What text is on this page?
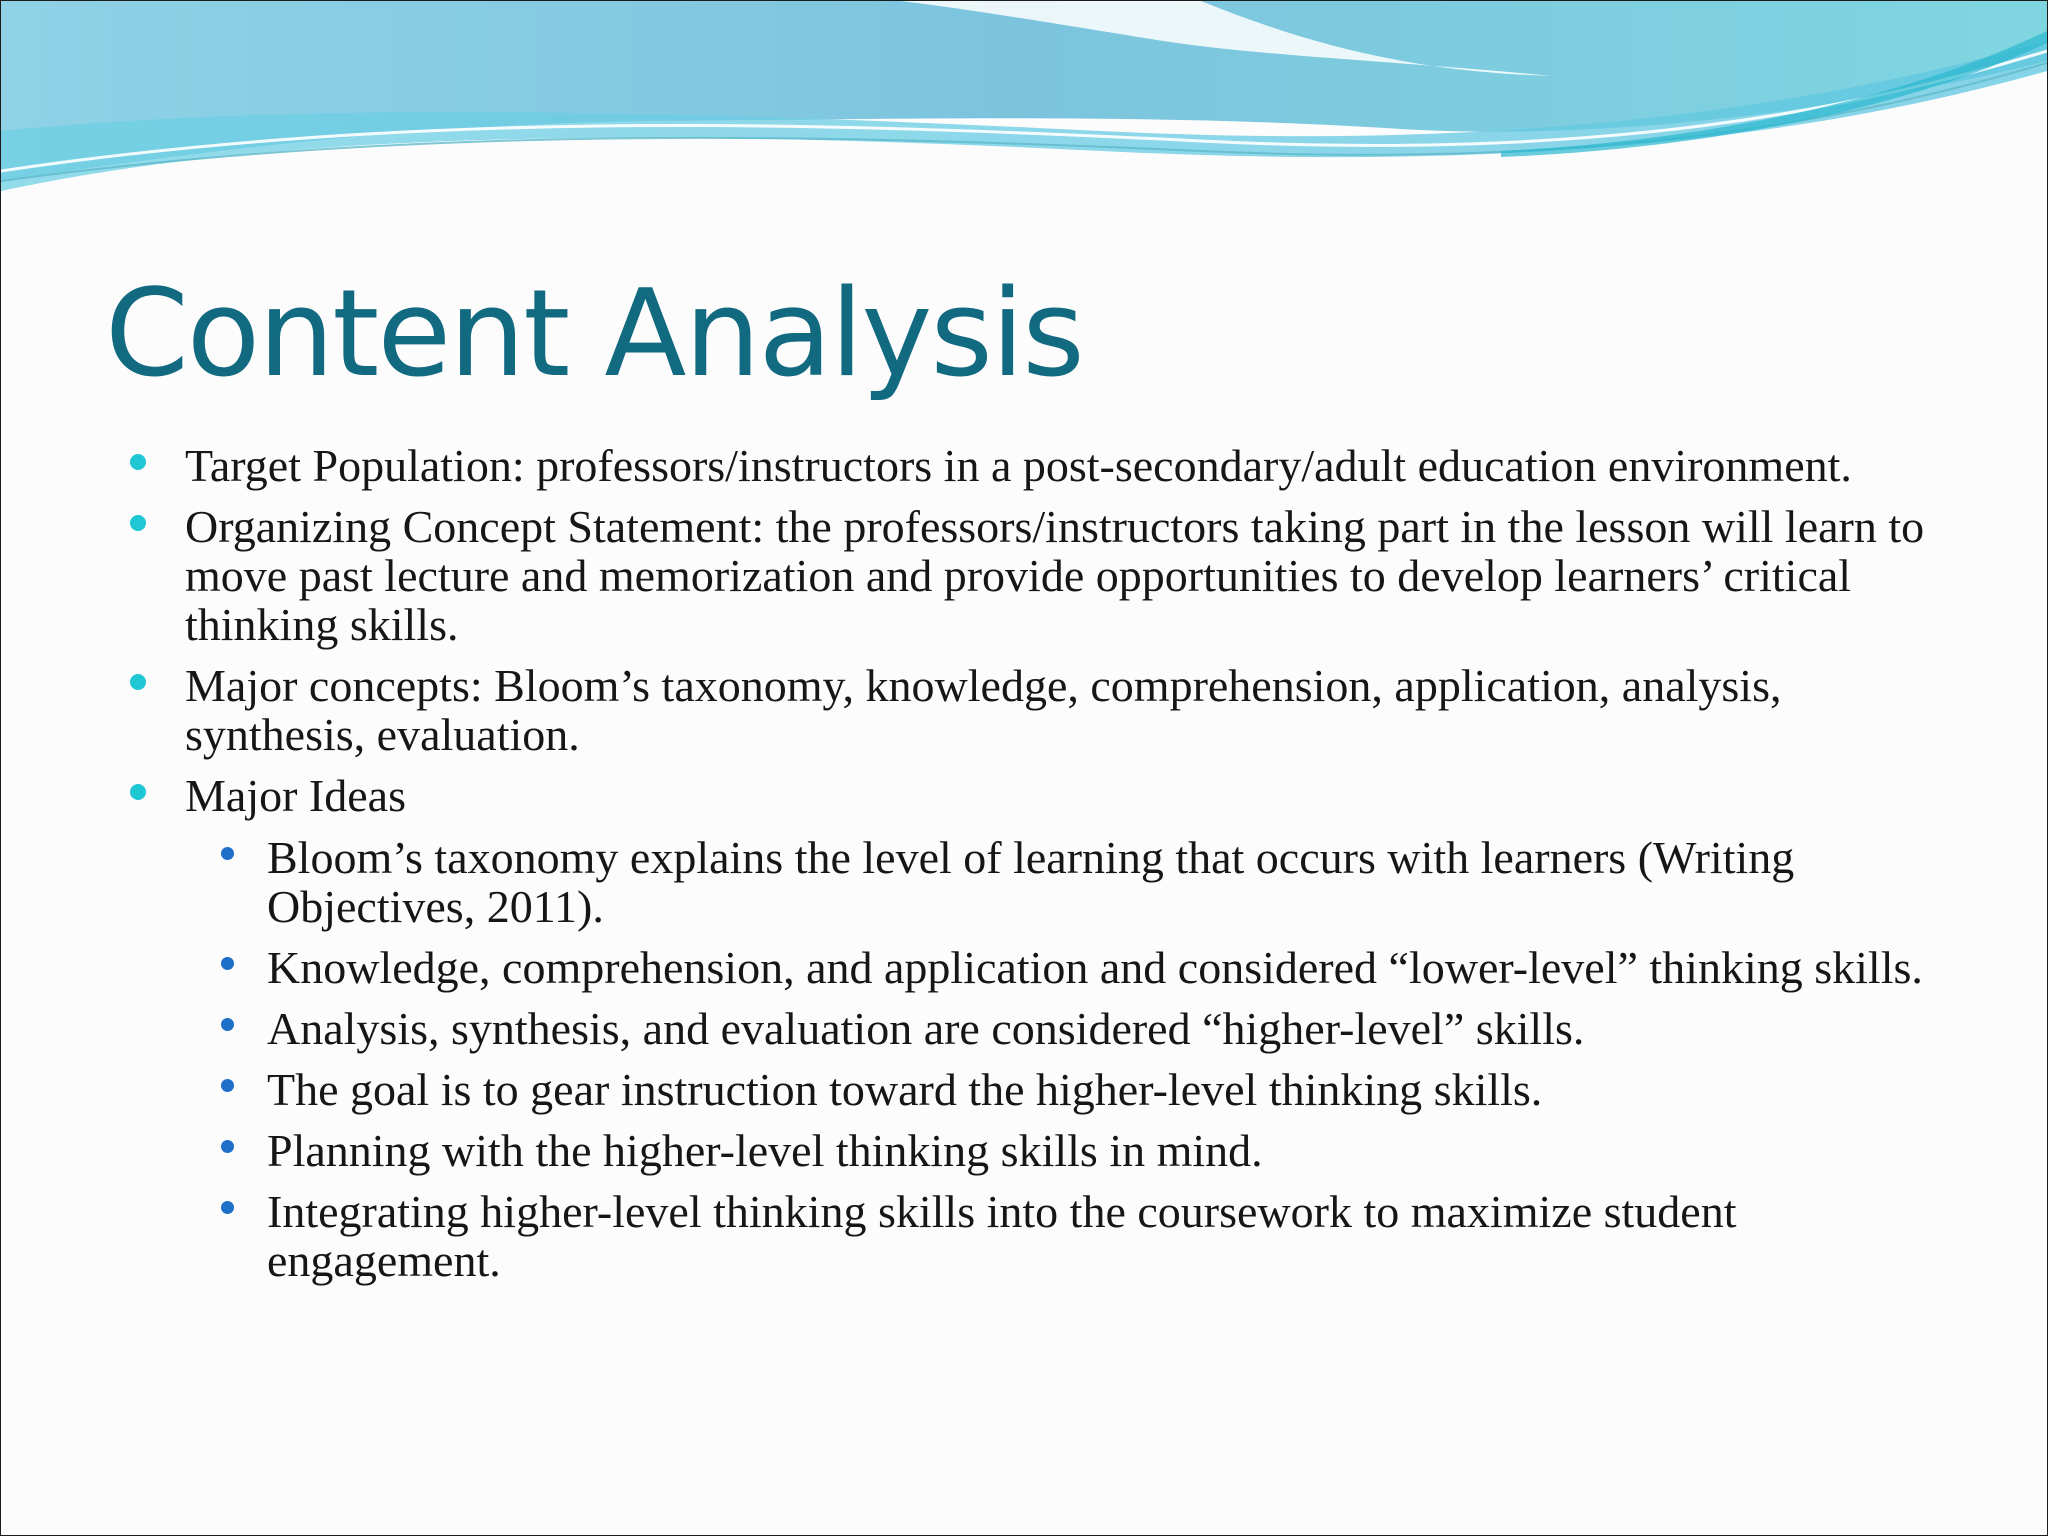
Content Analysis
Target Population: professors/instructors in a post-secondary/adult education environment.
Organizing Concept Statement: the professors/instructors taking part in the lesson will learn to move past lecture and memorization and provide opportunities to develop learners’ critical thinking skills.
Major concepts: Bloom’s taxonomy, knowledge, comprehension, application, analysis, synthesis, evaluation.
Major Ideas
Bloom’s taxonomy explains the level of learning that occurs with learners (Writing Objectives, 2011).
Knowledge, comprehension, and application and considered “lower-level” thinking skills.
Analysis, synthesis, and evaluation are considered “higher-level” skills.
The goal is to gear instruction toward the higher-level thinking skills.
Planning with the higher-level thinking skills in mind.
Integrating higher-level thinking skills into the coursework to maximize student engagement.
